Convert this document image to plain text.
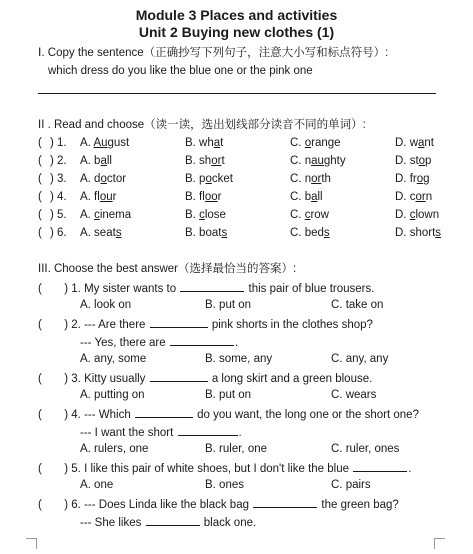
Module 3 Places and activities
Unit 2 Buying new clothes (1)
Ⅰ. Copy the sentence（正确抄写下列句子，注意大小写和标点符号）:
which dress do you like the blue one or the pink one
II . Read and choose（读一读，选出划线部分读音不同的单词）:
( ) 1. A. August	B. what	C. orange	D. want
( ) 2. A. ball	B. short	C. naughty	D. stop
( ) 3. A. doctor	B. pocket	C. north	D. frog
( ) 4. A. flour	B. floor	C. ball	D. corn
( ) 5. A. cinema	B. close	C. crow	D. clown
( ) 6. A. seats	B. boats	C. beds	D. shorts
III. Choose the best answer（选择最恰当的答案）:
( ) 1. My sister wants to	this pair of blue trousers.
A. look on	B. put on	C. take on
( ) 2. --- Are there	pink shorts in the clothes shop?
--- Yes, there are	.
A. any, some	B. some, any	C. any, any
( ) 3. Kitty usually	a long skirt and a green blouse.
A. putting on	B. put on	C. wears
( ) 4. --- Which	do you want, the long one or the short one?
--- I want the short	.
A. rulers, one	B. ruler, one	C. ruler, ones
( ) 5. I like this pair of white shoes, but I don't like the blue	.
A. one	B. ones	C. pairs
( ) 6. --- Does Linda like the black bag	the green bag?
--- She likes	black one.
